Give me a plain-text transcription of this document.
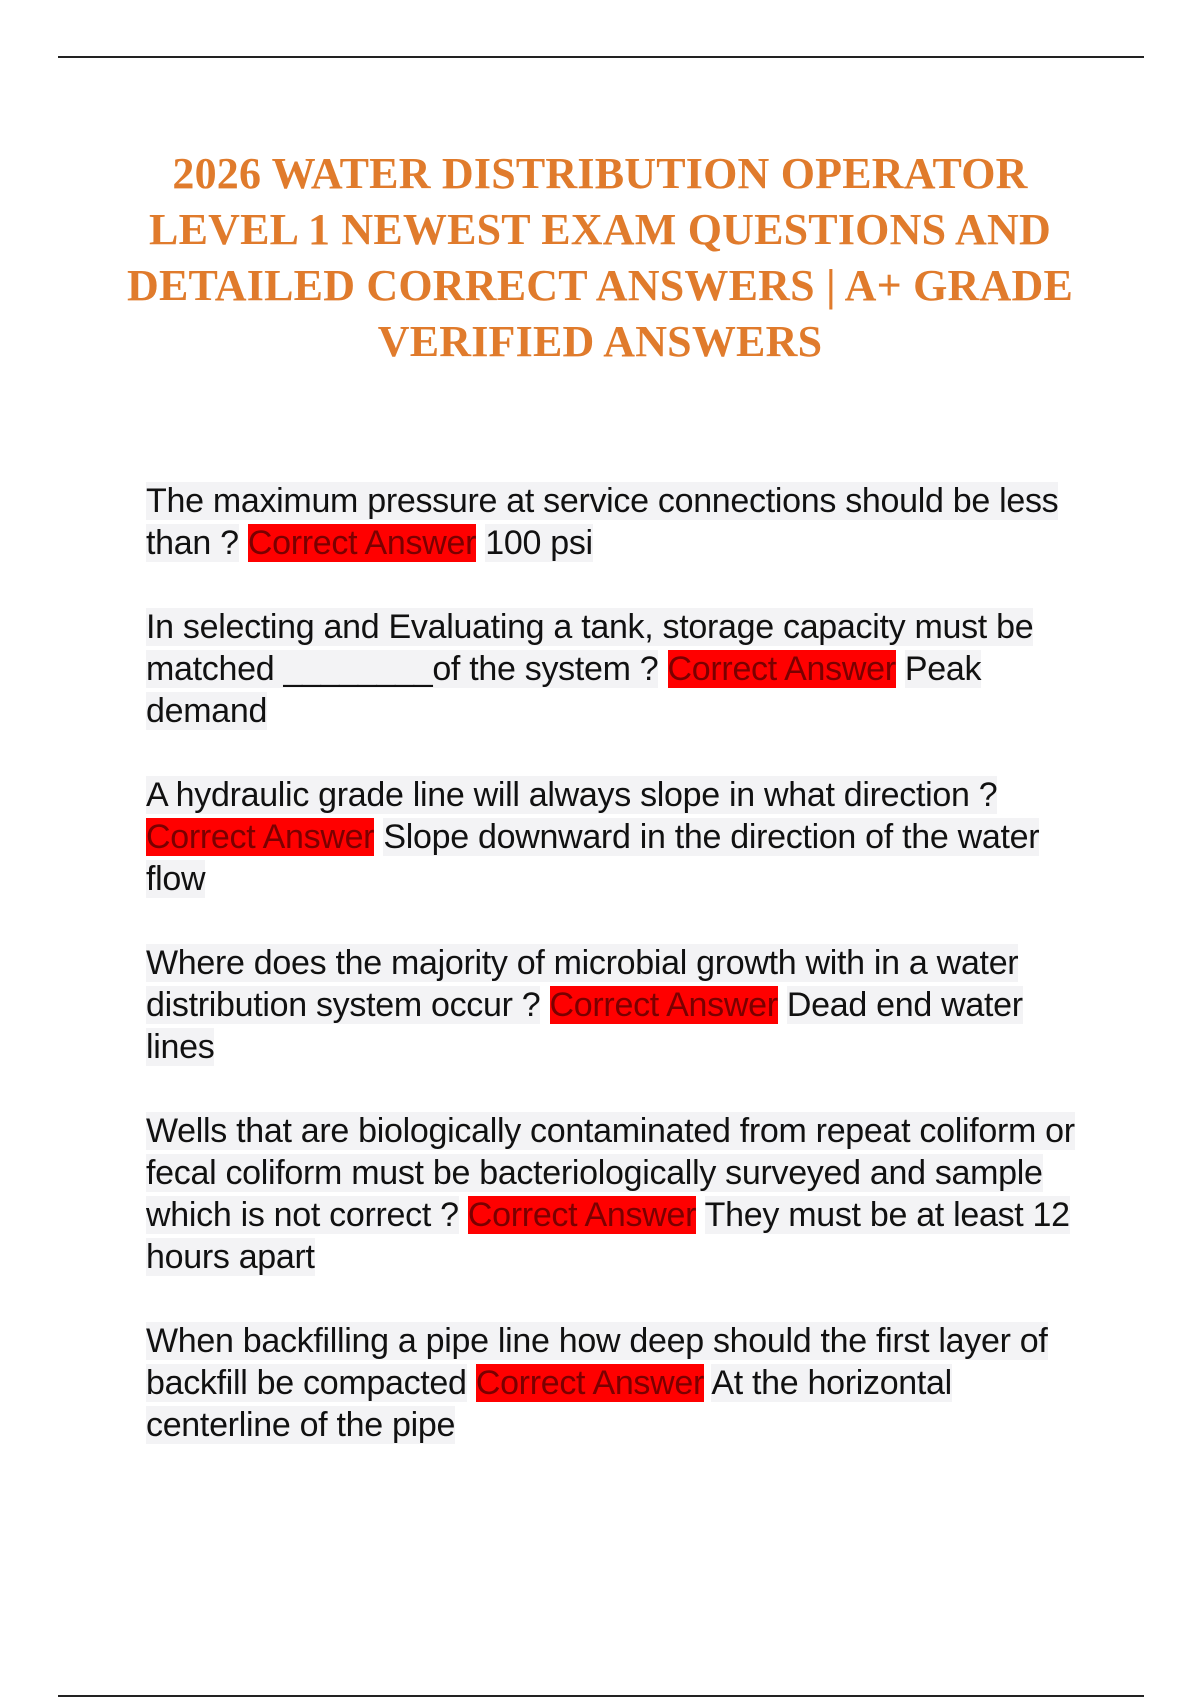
2026 WATER DISTRIBUTION OPERATOR LEVEL 1 NEWEST EXAM QUESTIONS AND DETAILED CORRECT ANSWERS | A+ GRADE VERIFIED ANSWERS

The maximum pressure at service connections should be less than ? Correct Answer 100 psi

In selecting and Evaluating a tank, storage capacity must be matched ________of the system ? Correct Answer Peak demand

A hydraulic grade line will always slope in what direction ? Correct Answer Slope downward in the direction of the water flow

Where does the majority of microbial growth with in a water distribution system occur ? Correct Answer Dead end water lines

Wells that are biologically contaminated from repeat coliform or fecal coliform must be bacteriologically surveyed and sample which is not correct ? Correct Answer They must be at least 12 hours apart

When backfilling a pipe line how deep should the first layer of backfill be compacted Correct Answer At the horizontal centerline of the pipe
